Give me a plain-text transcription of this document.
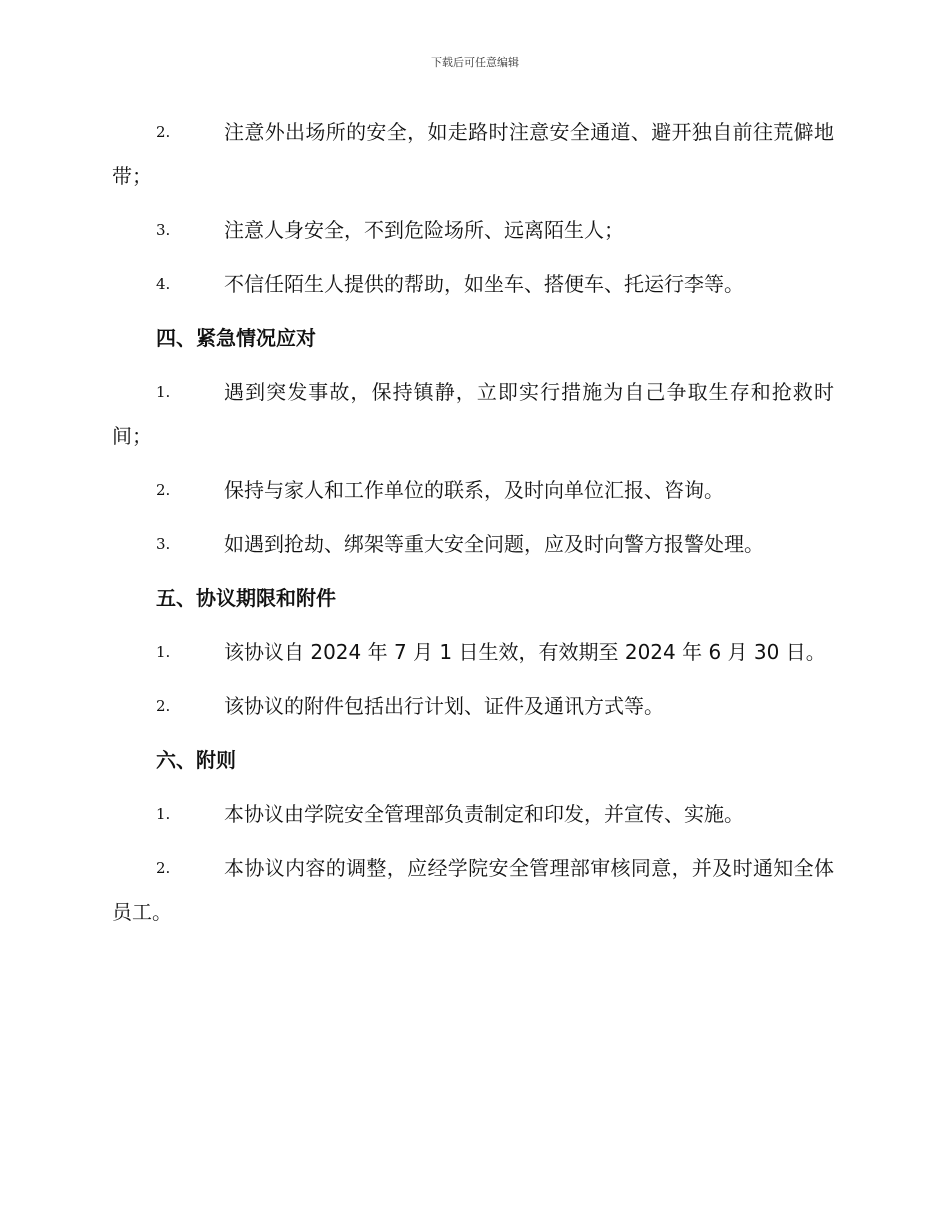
下载后可任意编辑
2.	注意外出场所的安全，如走路时注意安全通道、避开独自前往荒僻地带；
3.	注意人身安全，不到危险场所、远离陌生人；
4.	不信任陌生人提供的帮助，如坐车、搭便车、托运行李等。
四、紧急情况应对
1.	遇到突发事故，保持镇静，立即实行措施为自己争取生存和抢救时间；
2.	保持与家人和工作单位的联系，及时向单位汇报、咨询。
3.	如遇到抢劫、绑架等重大安全问题，应及时向警方报警处理。
五、协议期限和附件
1.	该协议自 2024 年 7 月 1 日生效，有效期至 2024 年 6 月 30 日。
2.	该协议的附件包括出行计划、证件及通讯方式等。
六、附则
1.	本协议由学院安全管理部负责制定和印发，并宣传、实施。
2.	本协议内容的调整，应经学院安全管理部审核同意，并及时通知全体员工。
